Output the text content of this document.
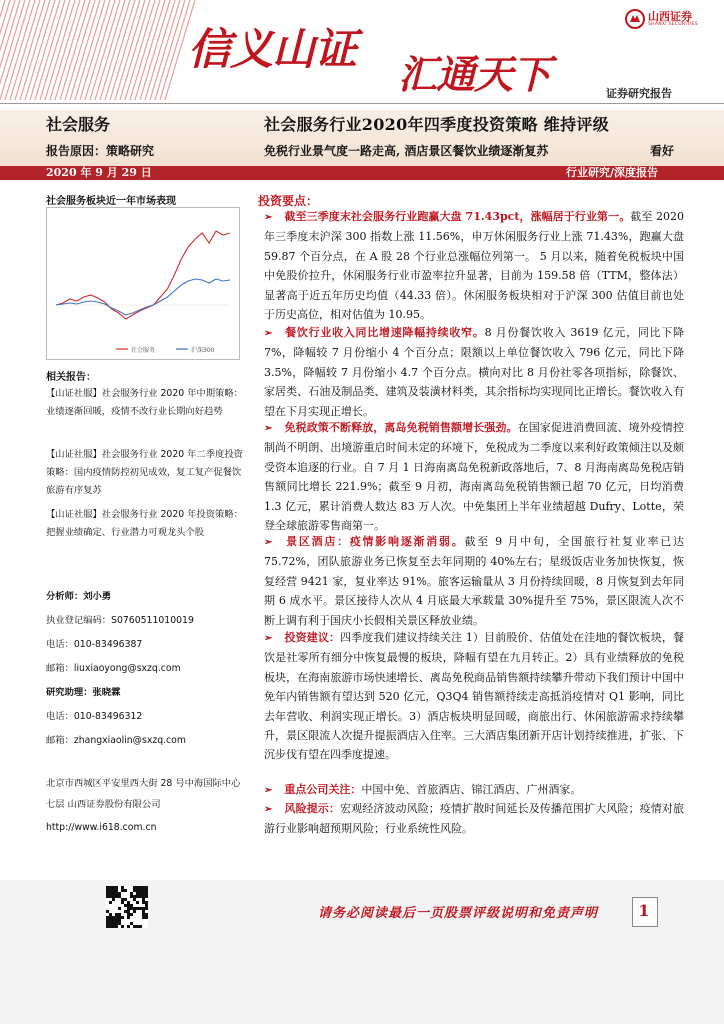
信义山证
汇通天下
山西证券
SHANXI SECURITIES
证券研究报告
社会服务	社会服务行业2020年四季度投资策略 维持评级
报告原因：策略研究	免税行业景气度一路走高, 酒店景区餐饮业绩逐渐复苏	看好
2020 年 9 月 29 日	行业研究/深度报告
社会服务板块近一年市场表现
社会服务	沪深300
相关报告：
【山证社服】社会服务行业 2020 年中期策略：业绩逐渐回暖，疫情不改行业长期向好趋势
【山证社服】社会服务行业 2020 年二季度投资策略：国内疫情防控初见成效，复工复产促餐饮旅游有序复苏
【山证社服】社会服务行业 2020 年投资策略：把握业绩确定、行业潜力可观龙头个股
分析师：刘小勇
执业登记编码：S0760511010019
电话：010-83496387
邮箱：liuxiaoyong@sxzq.com
研究助理：张晓霖
电话：010-83496312
邮箱：zhangxiaolin@sxzq.com
北京市西城区平安里西大街 28 号中海国际中心七层 山西证券股份有限公司
http://www.i618.com.cn
投资要点：
➢ 截至三季度末社会服务行业跑赢大盘 71.43pct，涨幅居于行业第一。截至 2020 年三季度末沪深 300 指数上涨 11.56%，申万休闲服务行业上涨 71.43%，跑赢大盘 59.87 个百分点，在 A 股 28 个行业总涨幅位列第一。 5 月以来，随着免税板块中国中免股价拉升，休闲服务行业市盈率拉升显著，目前为 159.58 倍（TTM，整体法）显著高于近五年历史均值（44.33 倍）。休闲服务板块相对于沪深 300 估值目前也处于历史高位，相对估值为 10.95。
➢ 餐饮行业收入同比增速降幅持续收窄。8 月份餐饮收入 3619 亿元，同比下降 7%，降幅较 7 月份缩小 4 个百分点；限额以上单位餐饮收入 796 亿元，同比下降 3.5%，降幅较 7 月份缩小 4.7 个百分点。横向对比 8 月份社零各项指标，除餐饮、家居类、石油及制品类、建筑及装潢材料类，其余指标均实现同比正增长。餐饮收入有望在下月实现正增长。
➢ 免税政策不断释放，离岛免税销售额增长强劲。在国家促进消费回流、境外疫情控制尚不明朗、出境游重启时间未定的环境下，免税成为二季度以来利好政策倾注以及颇受资本追逐的行业。自 7 月 1 日海南离岛免税新政落地后，7、8 月海南离岛免税店销售额同比增长 221.9%；截至 9 月初，海南离岛免税销售额已超 70 亿元，日均消费 1.3 亿元，累计消费人数达 83 万人次。中免集团上半年业绩超越 Dufry、Lotte，荣登全球旅游零售商第一。
➢ 景区酒店：疫情影响逐渐消弱。截至 9 月中旬，全国旅行社复业率已达 75.72%，团队旅游业务已恢复至去年同期的 40%左右；星级饭店业务加快恢复，恢复经营 9421 家，复业率达 91%。旅客运输量从 3 月份持续回暖，8 月恢复到去年同期 6 成水平。景区接待人次从 4 月底最大承载量 30%提升至 75%，景区限流人次不断上调有利于国庆小长假相关景区释放业绩。
➢ 投资建议：四季度我们建议持续关注 1）目前股价、估值处在洼地的餐饮板块，餐饮是社零所有细分中恢复最慢的板块，降幅有望在九月转正。2）具有业绩释放的免税板块，在海南旅游市场快速增长、离岛免税商品销售额持续攀升带动下我们预计中国中免年内销售额有望达到 520 亿元，Q3Q4 销售额持续走高抵消疫情对 Q1 影响，同比去年营收、利润实现正增长。3）酒店板块明显回暖，商旅出行、休闲旅游需求持续攀升，景区限流人次提升提振酒店入住率。三大酒店集团新开店计划持续推进，扩张、下沉步伐有望在四季度提速。
➢ 重点公司关注：中国中免、首旅酒店、锦江酒店、广州酒家。
➢ 风险提示：宏观经济波动风险；疫情扩散时间延长及传播范围扩大风险；疫情对旅游行业影响超预期风险；行业系统性风险。
请务必阅读最后一页股票评级说明和免责声明	1
